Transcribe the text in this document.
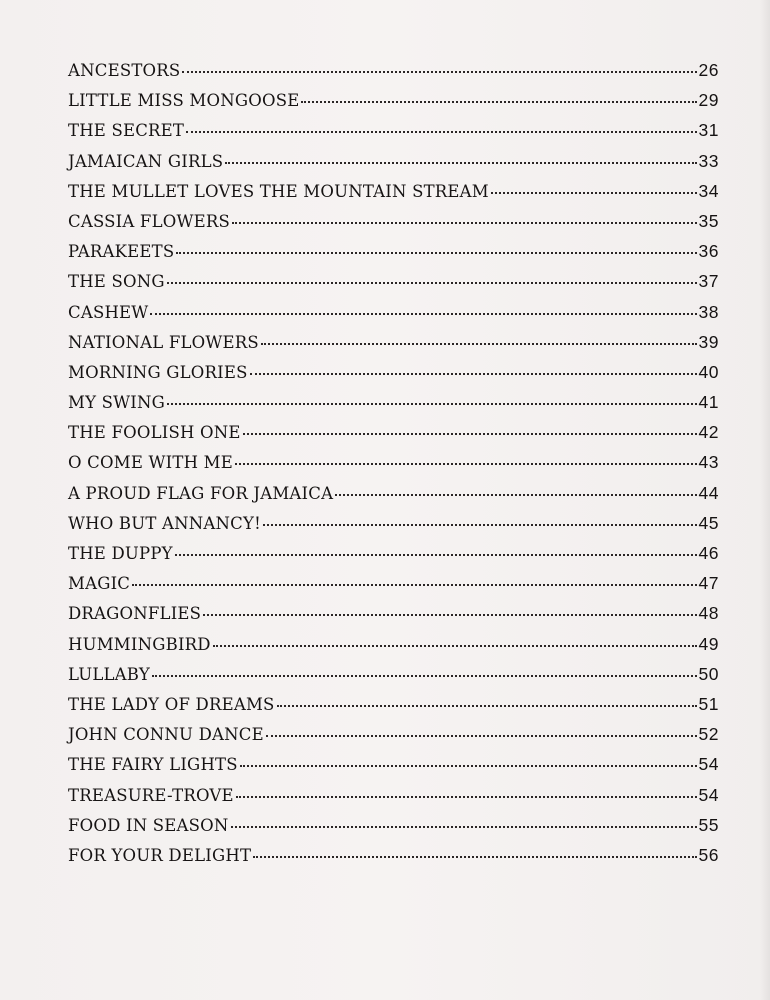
ANCESTORS	26
LITTLE MISS MONGOOSE	29
THE SECRET	31
JAMAICAN GIRLS	33
THE MULLET LOVES THE MOUNTAIN STREAM	34
CASSIA FLOWERS	35
PARAKEETS	36
THE SONG	37
CASHEW	38
NATIONAL FLOWERS	39
MORNING GLORIES	40
MY SWING	41
THE FOOLISH ONE	42
O COME WITH ME	43
A PROUD FLAG FOR JAMAICA	44
WHO BUT ANNANCY!	45
THE DUPPY	46
MAGIC	47
DRAGONFLIES	48
HUMMINGBIRD	49
LULLABY	50
THE LADY OF DREAMS	51
JOHN CONNU DANCE	52
THE FAIRY LIGHTS	54
TREASURE-TROVE	54
FOOD IN SEASON	55
FOR YOUR DELIGHT	56
